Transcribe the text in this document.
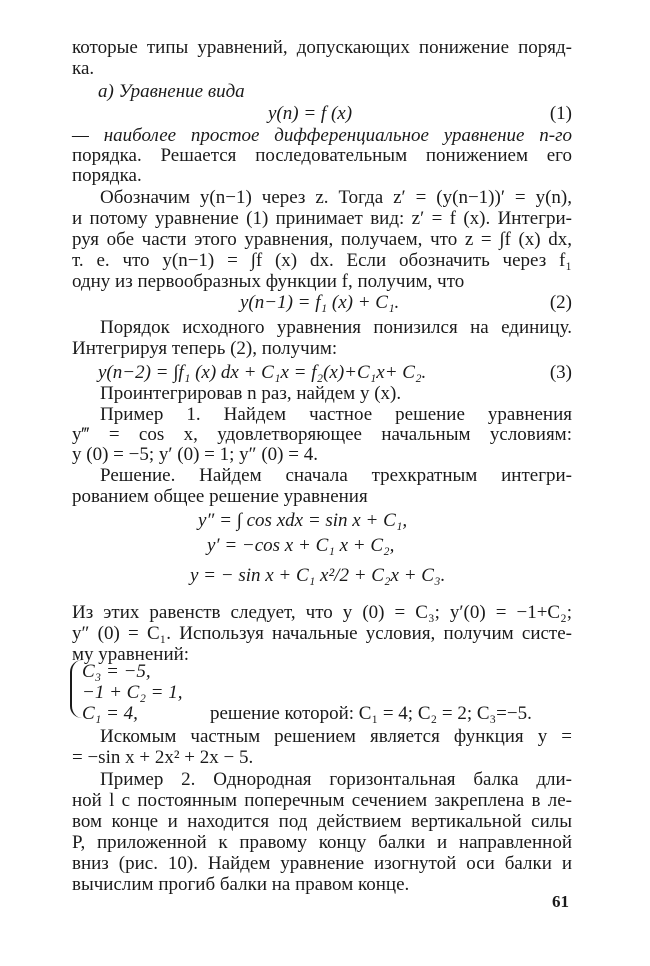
которые типы уравнений, допускающих понижение поряд-
ка.
а) Уравнение вида
y(n) = f (x)	(1)
— наиболее простое дифференциальное уравнение n-го
порядка. Решается последовательным понижением его
порядка.
Обозначим y(n−1) через z. Тогда z′ = (y(n−1))′ = y(n),
и потому уравнение (1) принимает вид: z′ = f (x). Интегри-
руя обе части этого уравнения, получаем, что z = ∫f (x) dx,
т. е. что y(n−1) = ∫f (x) dx. Если обозначить через f₁
одну из первообразных функции f, получим, что
y(n−1) = f₁ (x) + C₁.	(2)
Порядок исходного уравнения понизился на единицу.
Интегрируя теперь (2), получим:
y(n−2) = ∫f₁ (x) dx + C₁x = f₂(x)+C₁x+ C₂.	(3)
Проинтегрировав n раз, найдем y (x).
Пример 1. Найдем частное решение уравнения
y‴ = cos x, удовлетворяющее начальным условиям:
y (0) = −5; y′ (0) = 1; y″ (0) = 4.
Решение. Найдем сначала трехкратным интегри-
рованием общее решение уравнения
y″ = ∫ cos xdx = sin x + C₁,
y′ = −cos x + C₁ x + C₂,
y = − sin x + C₁ x²/2 + C₂x + C₃.
Из этих равенств следует, что y (0) = C₃; y′(0) = −1+C₂;
y″ (0) = C₁. Используя начальные условия, получим систе-
му уравнений:
C₃ = −5,
−1 + C₂ = 1,
C₁ = 4,	решение которой: C₁ = 4; C₂ = 2; C₃=−5.
Искомым частным решением является функция y =
= −sin x + 2x² + 2x − 5.
Пример 2. Однородная горизонтальная балка дли-
ной l с постоянным поперечным сечением закреплена в ле-
вом конце и находится под действием вертикальной силы
P, приложенной к правому концу балки и направленной
вниз (рис. 10). Найдем уравнение изогнутой оси балки и
вычислим прогиб балки на правом конце.
61
